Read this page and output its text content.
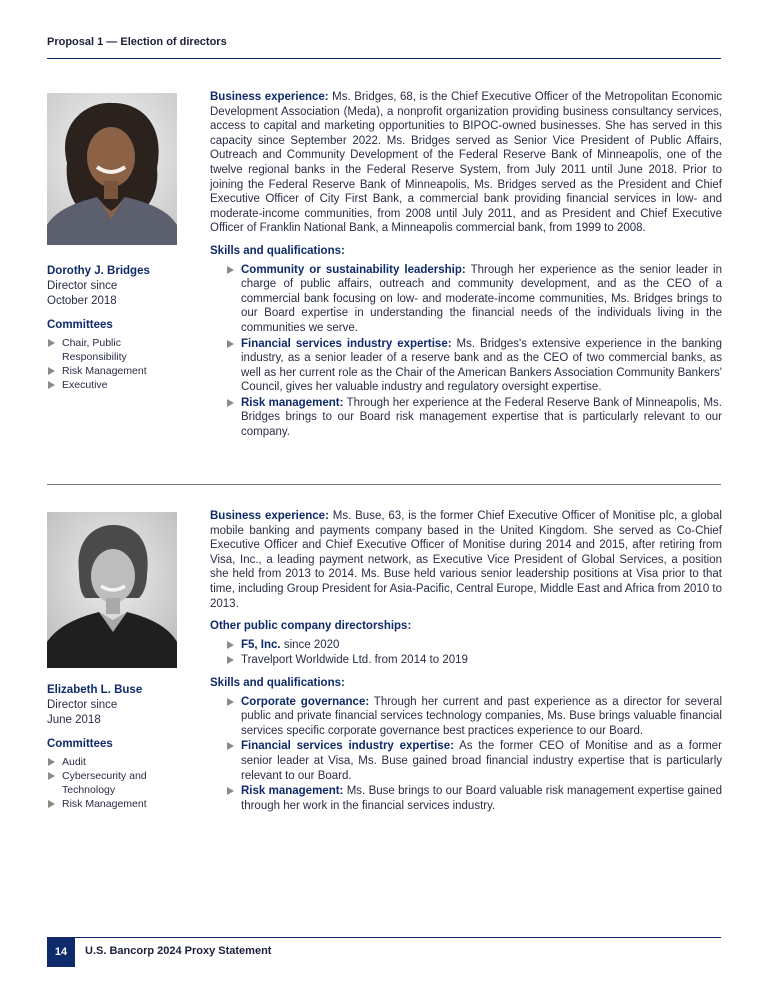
Proposal 1 — Election of directors
Dorothy J. Bridges
Director since
October 2018
Committees
Chair, Public Responsibility
Risk Management
Executive

Business experience: Ms. Bridges, 68, is the Chief Executive Officer of the Metropolitan Economic Development Association (Meda), a nonprofit organization providing business consultancy services, access to capital and marketing opportunities to BIPOC-owned businesses. She has served in this capacity since September 2022. Ms. Bridges served as Senior Vice President of Public Affairs, Outreach and Community Development of the Federal Reserve Bank of Minneapolis, one of the twelve regional banks in the Federal Reserve System, from July 2011 until June 2018. Prior to joining the Federal Reserve Bank of Minneapolis, Ms. Bridges served as the President and Chief Executive Officer of City First Bank, a commercial bank providing financial services in low- and moderate-income communities, from 2008 until July 2011, and as President and Chief Executive Officer of Franklin National Bank, a Minneapolis commercial bank, from 1999 to 2008.

Skills and qualifications:
Community or sustainability leadership: Through her experience as the senior leader in charge of public affairs, outreach and community development, and as the CEO of a commercial bank focusing on low- and moderate-income communities, Ms. Bridges brings to our Board expertise in understanding the financial needs of the individuals living in the communities we serve.
Financial services industry expertise: Ms. Bridges's extensive experience in the banking industry, as a senior leader of a reserve bank and as the CEO of two commercial banks, as well as her current role as the Chair of the American Bankers Association Community Bankers' Council, gives her valuable industry and regulatory oversight expertise.
Risk management: Through her experience at the Federal Reserve Bank of Minneapolis, Ms. Bridges brings to our Board risk management expertise that is particularly relevant to our company.
Elizabeth L. Buse
Director since
June 2018
Committees
Audit
Cybersecurity and Technology
Risk Management

Business experience: Ms. Buse, 63, is the former Chief Executive Officer of Monitise plc, a global mobile banking and payments company based in the United Kingdom. She served as Co-Chief Executive Officer and Chief Executive Officer of Monitise during 2014 and 2015, after retiring from Visa, Inc., a leading payment network, as Executive Vice President of Global Services, a position she held from 2013 to 2014. Ms. Buse held various senior leadership positions at Visa prior to that time, including Group President for Asia-Pacific, Central Europe, Middle East and Africa from 2010 to 2013.

Other public company directorships:
F5, Inc. since 2020
Travelport Worldwide Ltd. from 2014 to 2019
Skills and qualifications:
Corporate governance: Through her current and past experience as a director for several public and private financial services technology companies, Ms. Buse brings valuable financial services specific corporate governance best practices experience to our Board.
Financial services industry expertise: As the former CEO of Monitise and as a former senior leader at Visa, Ms. Buse gained broad financial industry expertise that is particularly relevant to our Board.
Risk management: Ms. Buse brings to our Board valuable risk management expertise gained through her work in the financial services industry.
14	U.S. Bancorp 2024 Proxy Statement
